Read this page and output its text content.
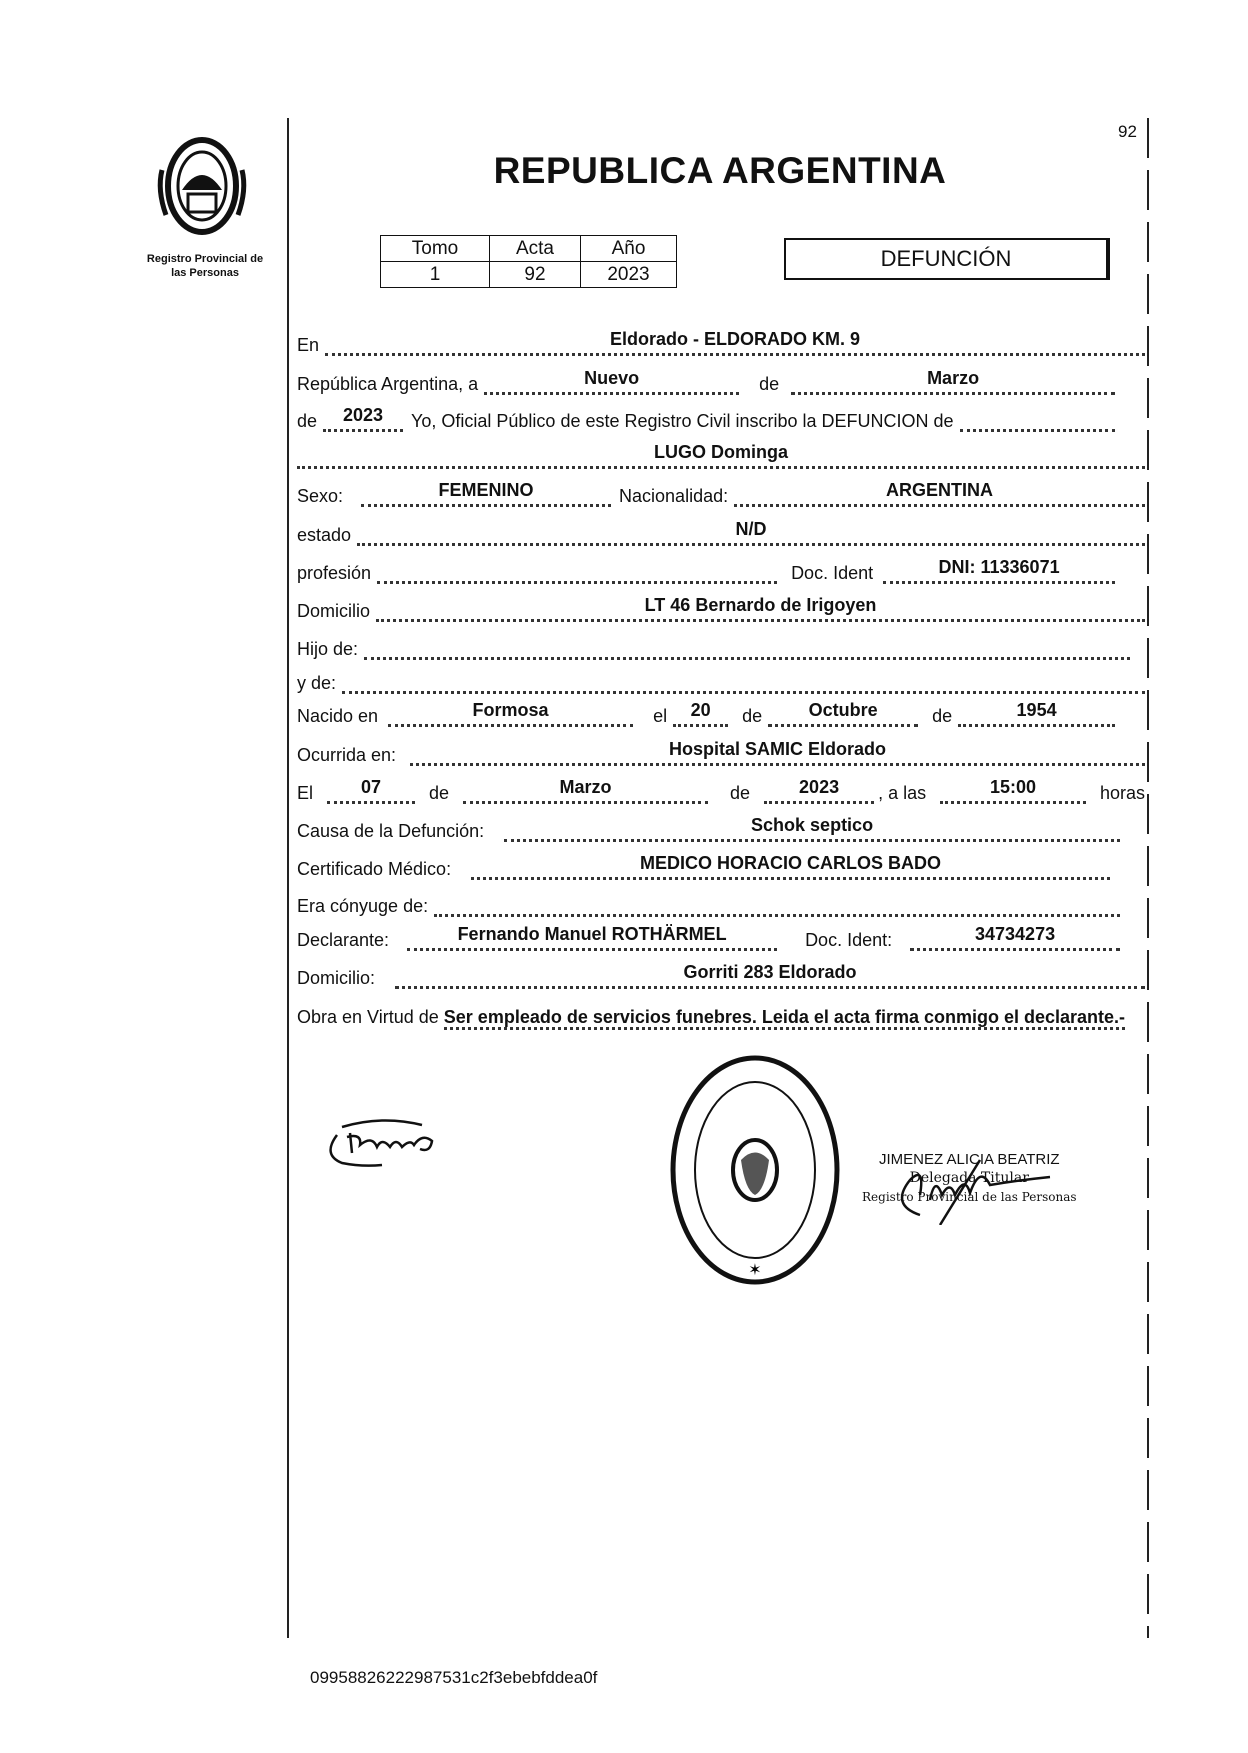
Registro Provincial de
las Personas
92
REPUBLICA ARGENTINA
Tomo	Acta	Año
1	92	2023
DEFUNCIÓN
En	Eldorado - ELDORADO KM. 9
República Argentina, a	Nuevo	de	Marzo
de	2023	Yo, Oficial Público de este Registro Civil inscribo la DEFUNCION de
LUGO Dominga
Sexo:	FEMENINO	Nacionalidad:	ARGENTINA
estado	N/D
profesión	Doc. Ident	DNI: 11336071
Domicilio	LT 46 Bernardo de Irigoyen
Hijo de:
y de:
Nacido en	Formosa	el	20	de	Octubre	de	1954
Ocurrida en:	Hospital SAMIC Eldorado
El	07	de	Marzo	de	2023	, a las	15:00	horas
Causa de la Defunción:	Schok septico
Certificado Médico:	MEDICO HORACIO CARLOS BADO
Era cónyuge de:
Declarante:	Fernando Manuel ROTHÄRMEL	Doc. Ident:	34734273
Domicilio:	Gorriti 283 Eldorado
Obra en Virtud de Ser empleado de servicios funebres. Leida el acta firma conmigo el declarante.-
✶
JIMENEZ ALICIA BEATRIZ
Delegada Titular
Registro Provincial de las Personas
09958826222987531c2f3ebebfddea0f
